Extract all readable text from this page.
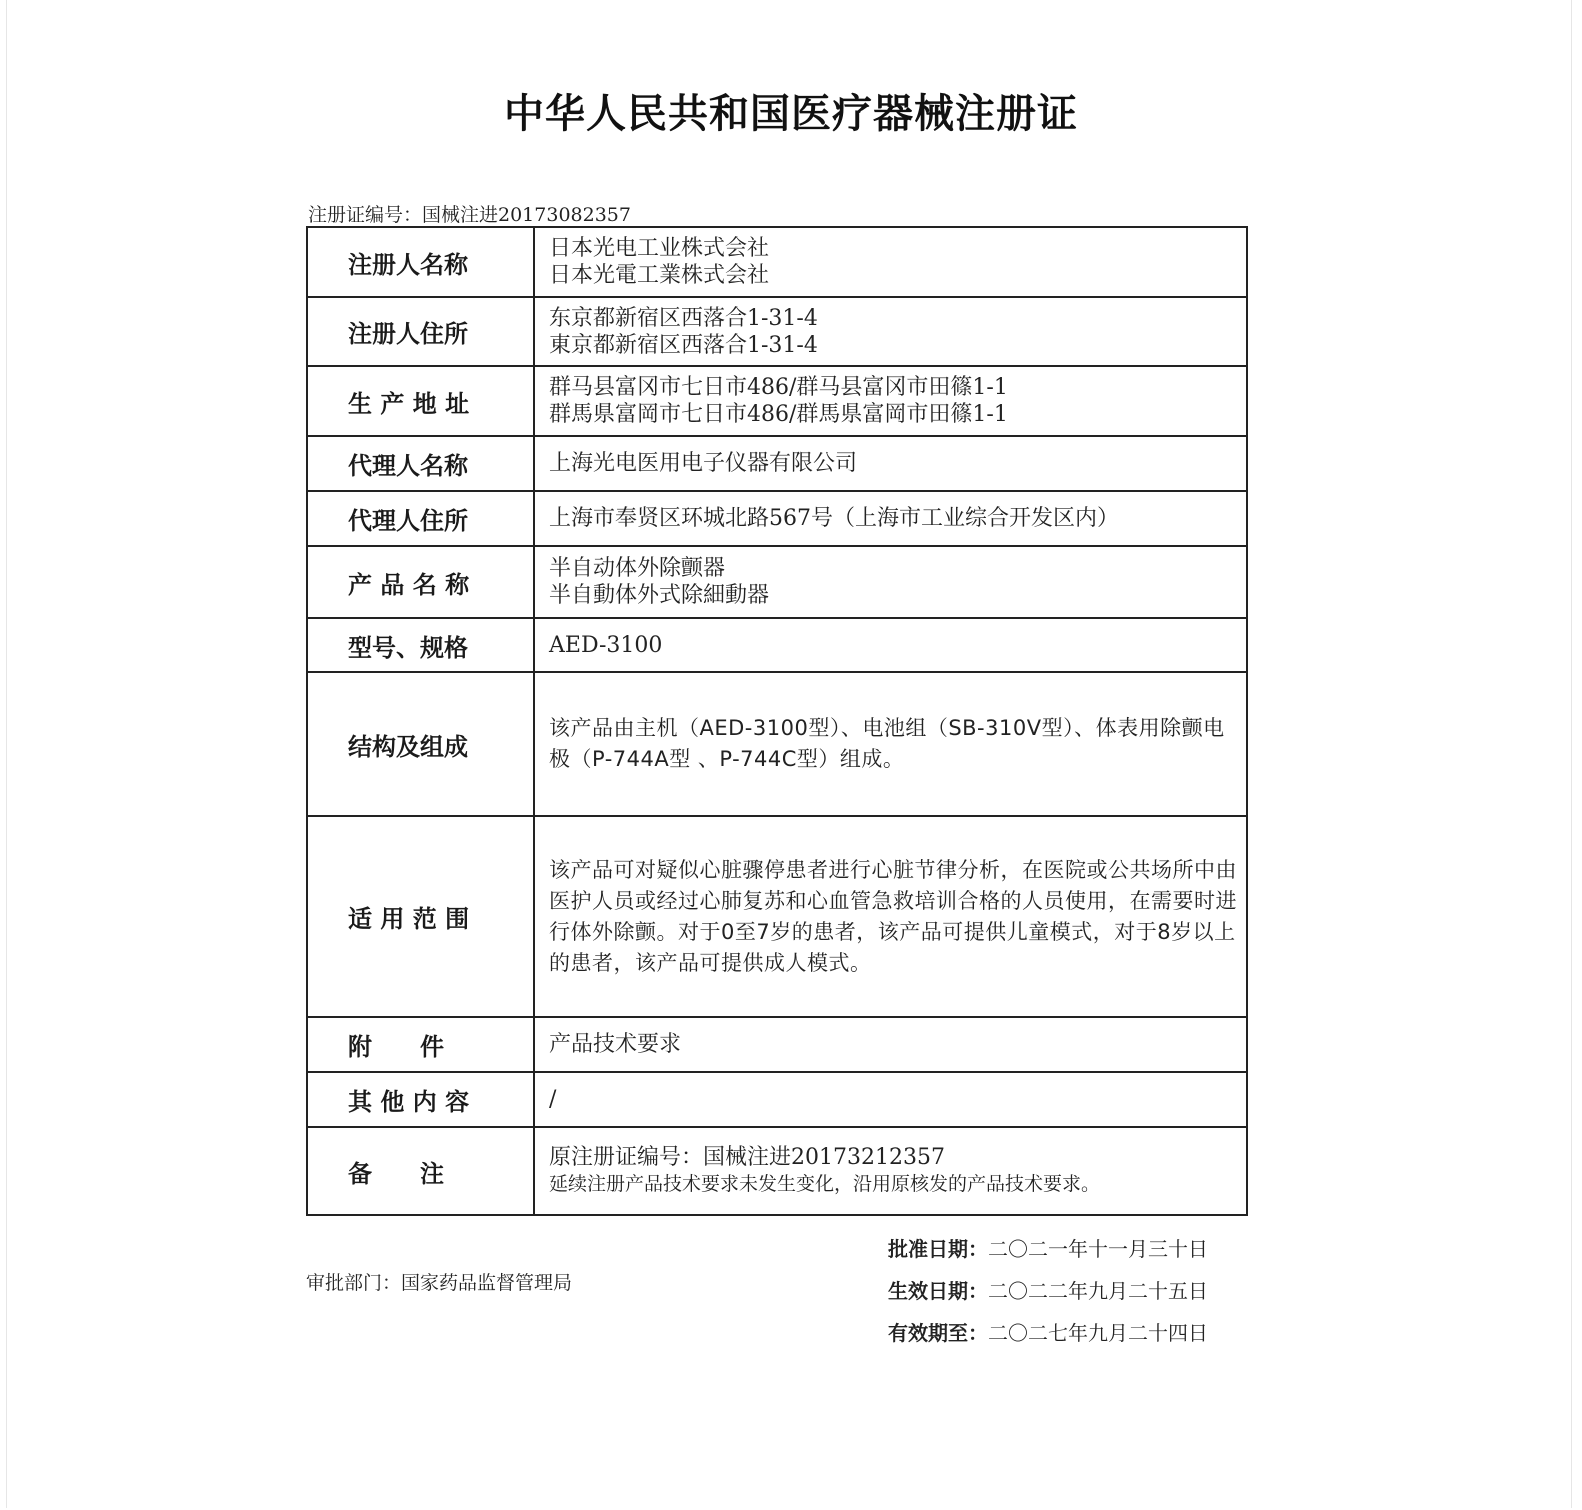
中华人民共和国医疗器械注册证
注册证编号：国械注进20173082357
注册人名称	日本光电工业株式会社
日本光電工業株式会社

注册人住所	东京都新宿区西落合1-31-4
東京都新宿区西落合1-31-4

生 产 地 址	群马县富冈市七日市486/群马县富冈市田篠1-1
群馬県富岡市七日市486/群馬県富岡市田篠1-1

代理人名称	上海光电医用电子仪器有限公司

代理人住所	上海市奉贤区环城北路567号（上海市工业综合开发区内）

产 品 名 称	半自动体外除颤器
半自動体外式除細動器

型号、规格	AED-3100

结构及组成	该产品由主机（AED-3100型）、电池组（SB-310V型）、体表用除颤电极（P-744A型 、P-744C型）组成。
适 用 范 围	该产品可对疑似心脏骤停患者进行心脏节律分析，在医院或公共场所中由医护人员或经过心肺复苏和心血管急救培训合格的人员使用，在需要时进行体外除颤。对于0至7岁的患者，该产品可提供儿童模式，对于8岁以上的患者，该产品可提供成人模式。
附　　件	产品技术要求

其 他 内 容	/

备　　注	原注册证编号：国械注进20173212357
延续注册产品技术要求未发生变化，沿用原核发的产品技术要求。
批准日期：二〇二一年十一月三十日
生效日期：二〇二二年九月二十五日
有效期至：二〇二七年九月二十四日
审批部门：国家药品监督管理局
